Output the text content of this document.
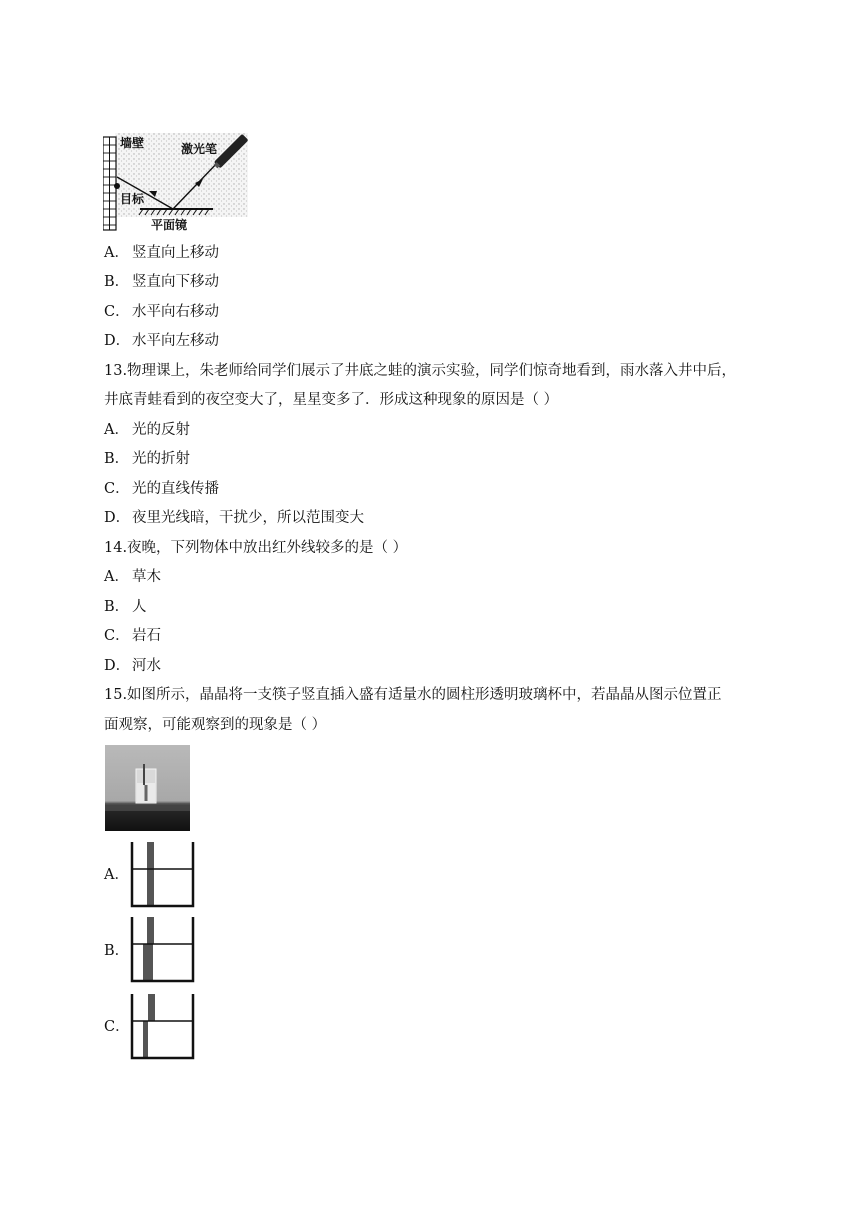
墙壁	激光笔
目标
平面镜
A． 竖直向上移动
B． 竖直向下移动
C． 水平向右移动
D． 水平向左移动
13.物理课上，朱老师给同学们展示了井底之蛙的演示实验，同学们惊奇地看到，雨水落入井中后，
井底青蛙看到的夜空变大了，星星变多了．形成这种现象的原因是（ ）
A． 光的反射
B． 光的折射
C． 光的直线传播
D． 夜里光线暗，干扰少，所以范围变大
14.夜晚，下列物体中放出红外线较多的是（ ）
A． 草木
B． 人
C． 岩石
D． 河水
15.如图所示，晶晶将一支筷子竖直插入盛有适量水的圆柱形透明玻璃杯中，若晶晶从图示位置正
面观察，可能观察到的现象是（ ）
A．
B．
C．
